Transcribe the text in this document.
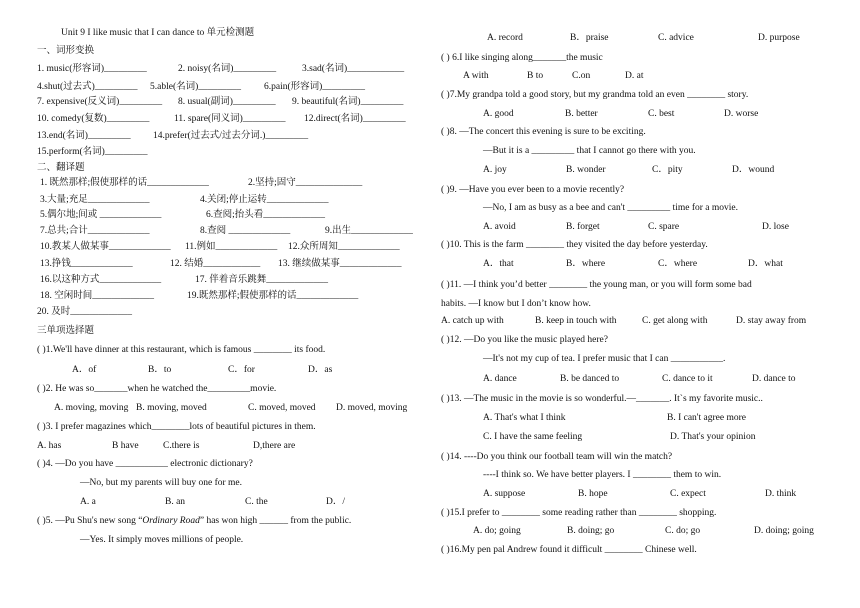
Unit 9 I like music that I can dance to 单元检测题
一、词形变换
1. music(形容词)_________	2. noisy(名词)_________	3.sad(名词)____________
4.shut(过去式)_________ 5.able(名词)_________ 6.pain(形容词)_________
7. expensive(反义词)_________ 8. usual(副词)_________ 9. beautiful(名词)_________
10. comedy(复数)_________	11. spare(同义词)_________ 12.direct(名词)_________
13.end(名词)_________ 14.prefer(过去式/过去分词.)_________
15.perform(名词)_________
二、翻译题
1. 既然那样;假使那样的话_____________	2.坚持;固守______________
3.大量;充足_____________	4.关闭;停止运转_____________
5.偶尔地;间或 _____________	6.查阅;抬头看_____________
7.总共;合计_____________	8.查阅 _____________	9.出生_____________
10.教某人做某事_____________ 11.例如_____________ 12.众所周知_____________
13.挣钱_____________	12. 结婚____________ 13. 继续做某事_____________
16.以这种方式_____________	17. 伴着音乐跳舞_____________
18. 空闲时间_____________	19.既然那样;假使那样的话_____________
20. 及时_____________
三单项选择题
( )1.We'll have dinner at this restaurant, which is famous ________ its food.
A．of	B．to	C．for	D．as
( )2. He was so_______when he watched the_________movie.
A. moving, moving B. moving, moved	C. moved, moved D. moved, moving
( )3. I prefer magazines which________lots of beautiful pictures in them.
A. has	B have	C.there is	D,there are
( )4. —Do you have ___________ electronic dictionary?
—No, but my parents will buy one for me.
A. a	B. an	C. the	D．/
( )5. —Pu Shu's new song “Ordinary Road” has won high ______ from the public.
—Yes. It simply moves millions of people.
A. record	B．praise	C. advice	D. purpose
( ) 6.I like singing along_______the music
A with	B to	C.on	D. at
( )7.My grandpa told a good story, but my grandma told an even ________ story.
A. good	B. better	C. best	D. worse
( )8. —The concert this evening is sure to be exciting.
—But it is a _________ that I cannot go there with you.
A. joy	B. wonder	C．pity	D．wound
( )9. —Have you ever been to a movie recently?
—No, I am as busy as a bee and can't _________ time for a movie.
A. avoid	B. forget	C. spare	D. lose
( )10. This is the farm ________ they visited the day before yesterday.
A．that	B．where	C．where	D．what
( )11. —I think you’d better ________ the young man, or you will form some bad
habits. —I know but I don’t know how.
A. catch up with	B. keep in touch with	C. get along with	D. stay away from
( )12. —Do you like the music played here?
—It's not my cup of tea. I prefer music that I can ___________.
A. dance	B. be danced to	C. dance to it	D. dance to
( )13. —The music in the movie is so wonderful.—_______. It`s my favorite music..
A. That's what I think	B. I can't agree more
C. I have the same feeling	D. That's your opinion
( )14. ----Do you think our football team will win the match?
----I think so. We have better players. I ________ them to win.
A. suppose	B. hope	C. expect	D. think
( )15.I prefer to ________ some reading rather than ________ shopping.
A. do; going	B. doing; go	C. do; go	D. doing; going
( )16.My pen pal Andrew found it difficult ________ Chinese well.
